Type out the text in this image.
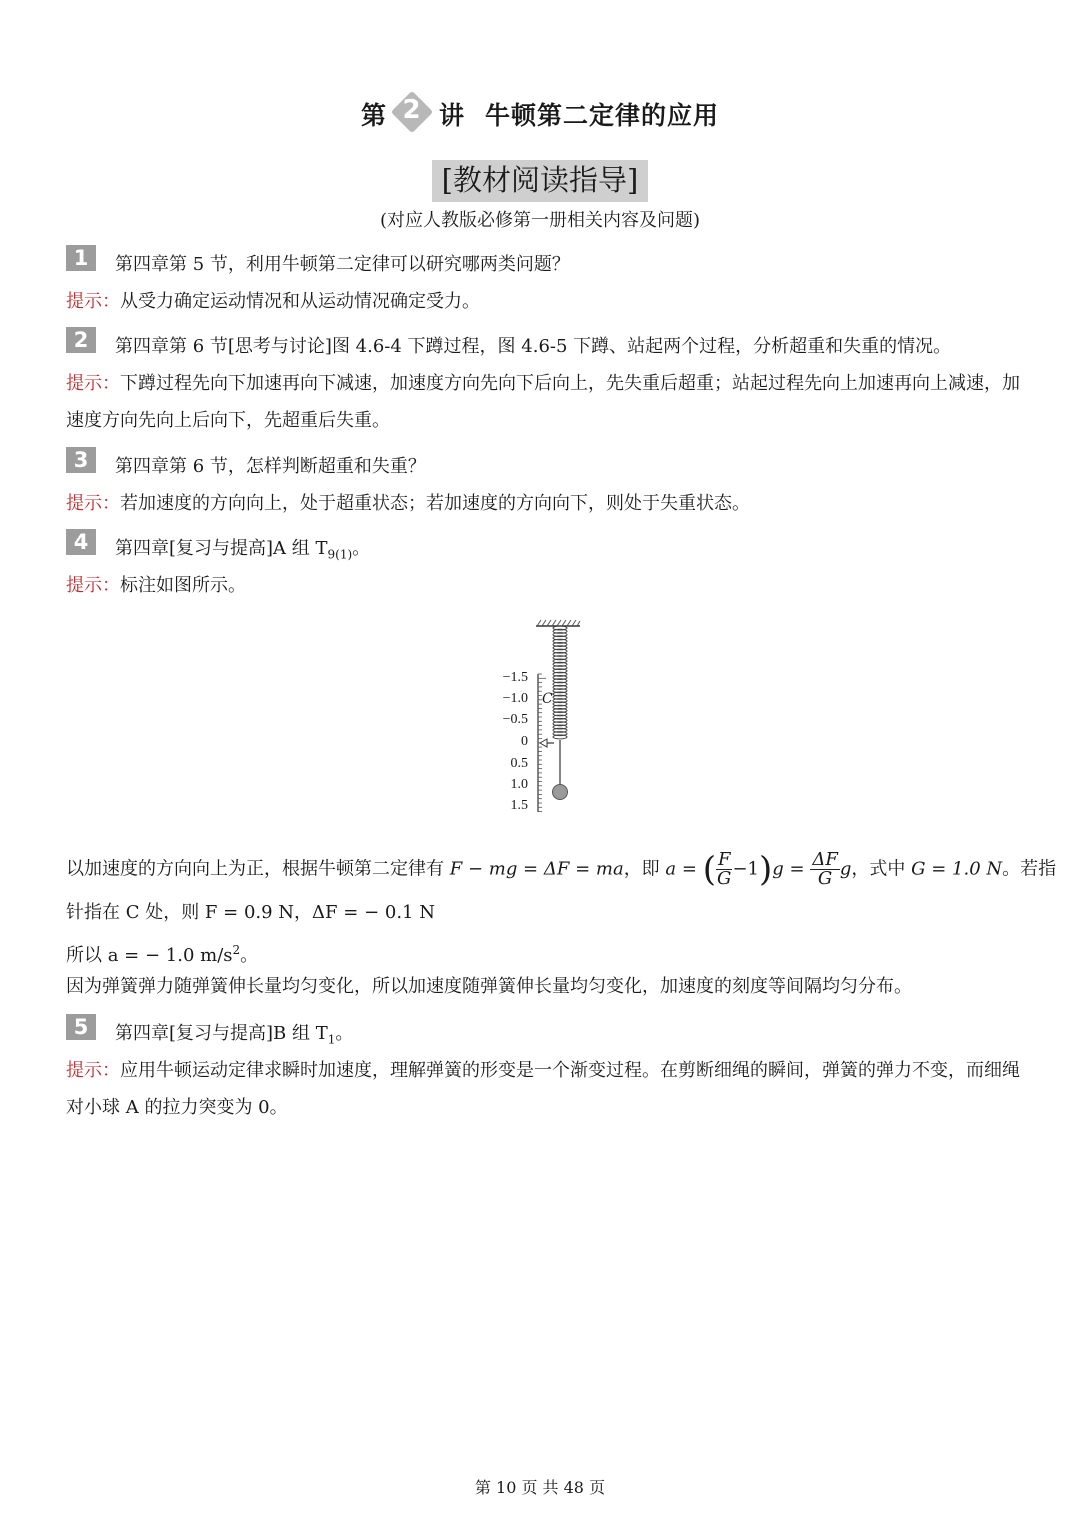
第 2 讲 牛顿第二定律的应用
[教材阅读指导]
(对应人教版必修第一册相关内容及问题)
1	第四章第 5 节，利用牛顿第二定律可以研究哪两类问题？
提示：从受力确定运动情况和从运动情况确定受力。
2	第四章第 6 节[思考与讨论]图 4.6-4 下蹲过程，图 4.6-5 下蹲、站起两个过程，分析超重和失重的情况。
提示：下蹲过程先向下加速再向下减速，加速度方向先向下后向上，先失重后超重；站起过程先向上加速再向上减速，加速度方向先向上后向下，先超重后失重。
3	第四章第 6 节，怎样判断超重和失重？
提示：若加速度的方向向上，处于超重状态；若加速度的方向向下，则处于失重状态。
4	第四章[复习与提高]A 组 $T_{9(1)}$。
提示：标注如图所示。
−1.5
−1.0
−0.5
0
0.5
1.0
1.5
C
以加速度的方向向上为正，根据牛顿第二定律有 F − mg = ΔF = ma，即 a = ( $\frac{F}{G} -1)g = \frac{\Delta F}{G}$ g，式中 G = 1.0 N。若指
针指在 C 处，则 F = 0.9 N，ΔF = − 0.1 N
所以 a = − 1.0 $m/s^2$。
因为弹簧弹力随弹簧伸长量均匀变化，所以加速度随弹簧伸长量均匀变化，加速度的刻度等间隔均匀分布。
5	第四章[复习与提高]B 组 $T_1$。
提示：应用牛顿运动定律求瞬时加速度，理解弹簧的形变是一个渐变过程。在剪断细绳的瞬间，弹簧的弹力不变，而细绳对小球 A 的拉力突变为 0。
第 10 页 共 48 页
